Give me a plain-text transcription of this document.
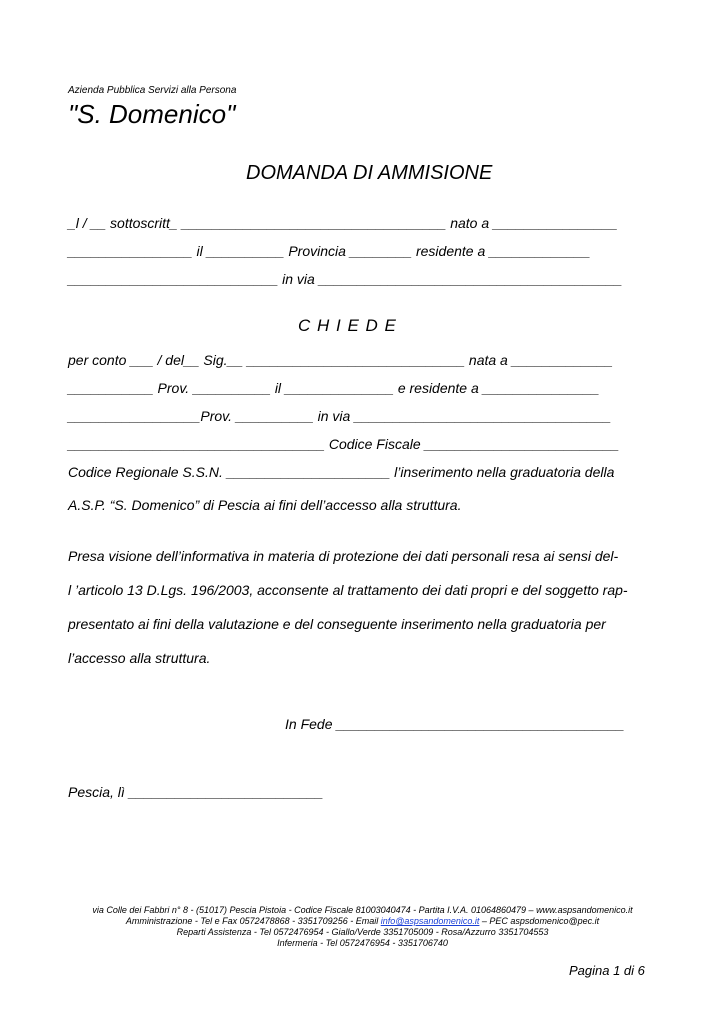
Azienda Pubblica Servizi alla Persona
"S. Domenico"
DOMANDA DI AMMISIONE
_l / __ sottoscritt_ __________________________________ nato a ________________
________________ il __________ Provincia ________ residente a _____________
___________________________ in via _______________________________________
C H I E D E
per conto ___ / del__ Sig.__ ____________________________ nata a _____________
___________ Prov. __________ il ______________ e residente a _______________
_________________Prov. __________ in via _________________________________
_________________________________ Codice Fiscale _________________________
Codice Regionale S.S.N. _____________________ l’inserimento nella graduatoria della
A.S.P. “S. Domenico” di Pescia ai fini dell’accesso alla struttura.
Presa visione dell’informativa in materia di protezione dei dati personali resa ai sensi del-
l ’articolo 13 D.Lgs. 196/2003, acconsente al trattamento dei dati propri e del soggetto rap-
presentato ai fini della valutazione e del conseguente inserimento nella graduatoria per
l’accesso alla struttura.
In Fede _____________________________________
Pescia, lì _________________________
via Colle dei Fabbri n° 8 - (51017) Pescia Pistoia - Codice Fiscale 81003040474 - Partita I.V.A. 01064860479 – www.aspsandomenico.it
Amministrazione - Tel e Fax 0572478868 - 3351709256 - Email info@aspsandomenico.it – PEC aspsdomenico@pec.it
Reparti Assistenza - Tel 0572476954 - Giallo/Verde 3351705009 - Rosa/Azzurro 3351704553
Infermeria - Tel 0572476954 - 3351706740
Pagina 1 di 6
